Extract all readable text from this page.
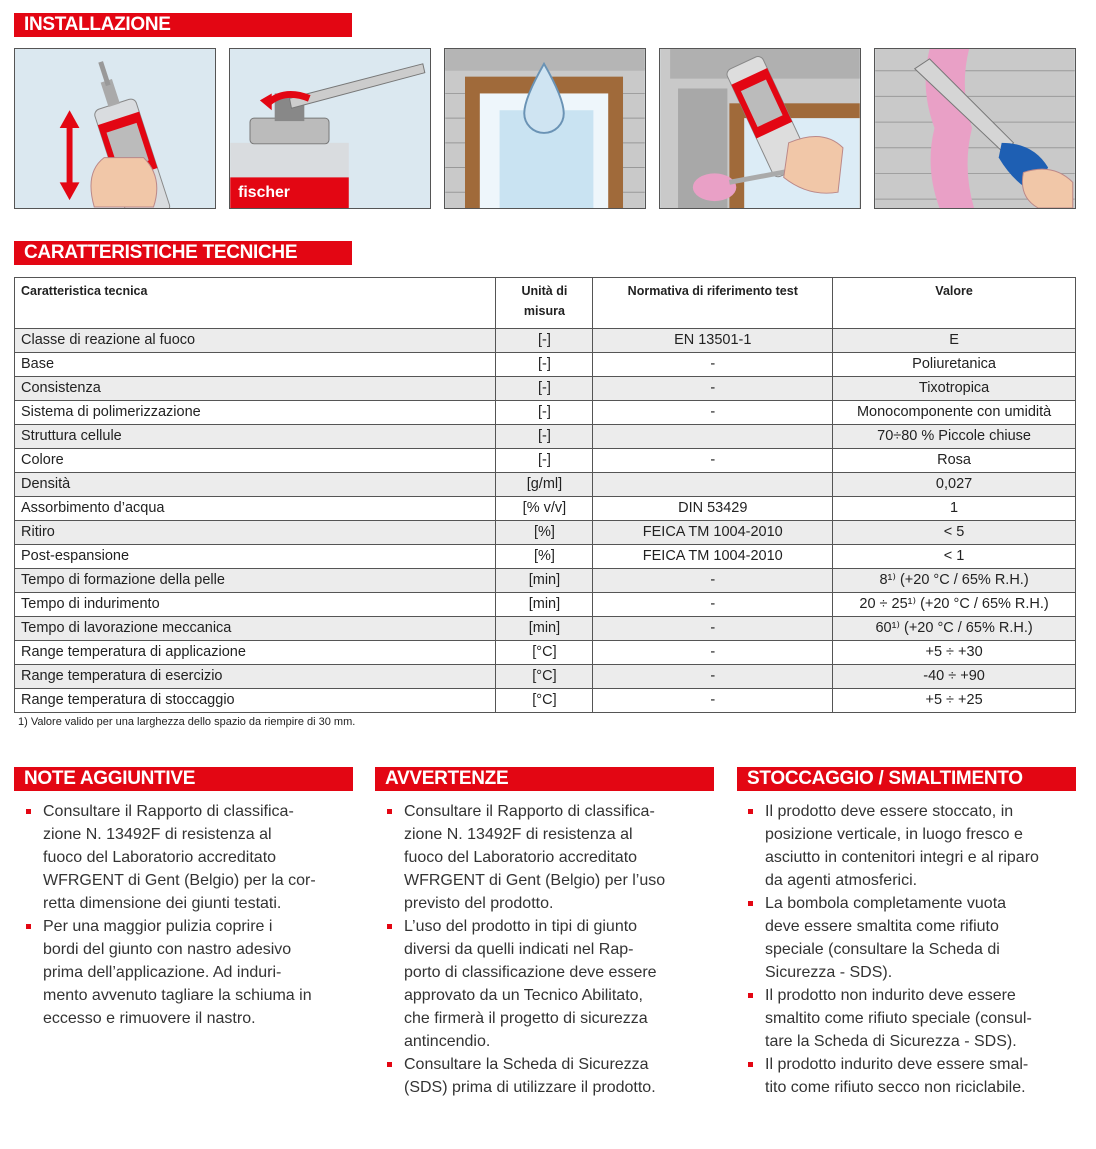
INSTALLAZIONE
fischer
CARATTERISTICHE TECNICHE
Caratteristica tecnica	Unità di misura	Normativa di riferimento test	Valore
Classe di reazione al fuoco	[-]	EN 13501-1	E
Base	[-]	-	Poliuretanica
Consistenza	[-]	-	Tixotropica
Sistema di polimerizzazione	[-]	-	Monocomponente con umidità
Struttura cellule	[-]		70÷80 % Piccole chiuse
Colore	[-]	-	Rosa
Densità	[g/ml]		0,027
Assorbimento d’acqua	[% v/v]	DIN 53429	1
Ritiro	[%]	FEICA TM 1004-2010	< 5
Post-espansione	[%]	FEICA TM 1004-2010	< 1
Tempo di formazione della pelle	[min]	-	8¹⁾ (+20 °C / 65% R.H.)
Tempo di indurimento	[min]	-	20 ÷ 25¹⁾ (+20 °C / 65% R.H.)
Tempo di lavorazione meccanica	[min]	-	60¹⁾ (+20 °C / 65% R.H.)
Range temperatura di applicazione	[°C]	-	+5 ÷ +30
Range temperatura di esercizio	[°C]	-	-40 ÷ +90
Range temperatura di stoccaggio	[°C]	-	+5 ÷ +25
1) Valore valido per una larghezza dello spazio da riempire di 30 mm.
NOTE AGGIUNTIVE	AVVERTENZE	STOCCAGGIO / SMALTIMENTO
Consultare il Rapporto di classifica-
zione N. 13492F di resistenza al
fuoco del Laboratorio accreditato
WFRGENT di Gent (Belgio) per la cor-
retta dimensione dei giunti testati.
Per una maggior pulizia coprire i
bordi del giunto con nastro adesivo
prima dell’applicazione. Ad induri-
mento avvenuto tagliare la schiuma in
eccesso e rimuovere il nastro.
Consultare il Rapporto di classifica-
zione N. 13492F di resistenza al
fuoco del Laboratorio accreditato
WFRGENT di Gent (Belgio) per l’uso
previsto del prodotto.
L’uso del prodotto in tipi di giunto
diversi da quelli indicati nel Rap-
porto di classificazione deve essere
approvato da un Tecnico Abilitato,
che firmerà il progetto di sicurezza
antincendio.
Consultare la Scheda di Sicurezza
(SDS) prima di utilizzare il prodotto.
Il prodotto deve essere stoccato, in
posizione verticale, in luogo fresco e
asciutto in contenitori integri e al riparo
da agenti atmosferici.

La bombola completamente vuota
deve essere smaltita come rifiuto
speciale (consultare la Scheda di
Sicurezza - SDS).
Il prodotto non indurito deve essere
smaltito come rifiuto speciale (consul-
tare la Scheda di Sicurezza - SDS).
Il prodotto indurito deve essere smal-
tito come rifiuto secco non riciclabile.
